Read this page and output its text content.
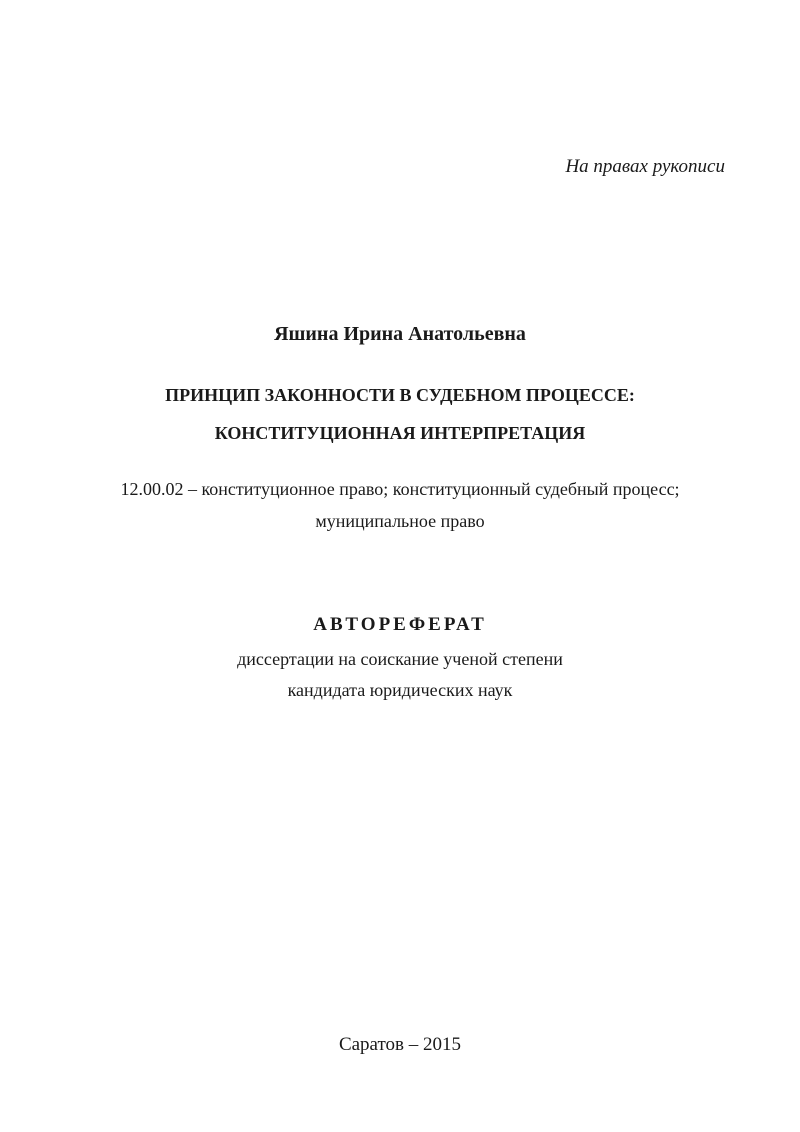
На правах рукописи
Яшина Ирина Анатольевна
ПРИНЦИП ЗАКОННОСТИ В СУДЕБНОМ ПРОЦЕССЕ:
КОНСТИТУЦИОННАЯ ИНТЕРПРЕТАЦИЯ
12.00.02 – конституционное право; конституционный судебный процесс;
муниципальное право
АВТОРЕФЕРАТ
диссертации на соискание ученой степени
кандидата юридических наук
Саратов – 2015
